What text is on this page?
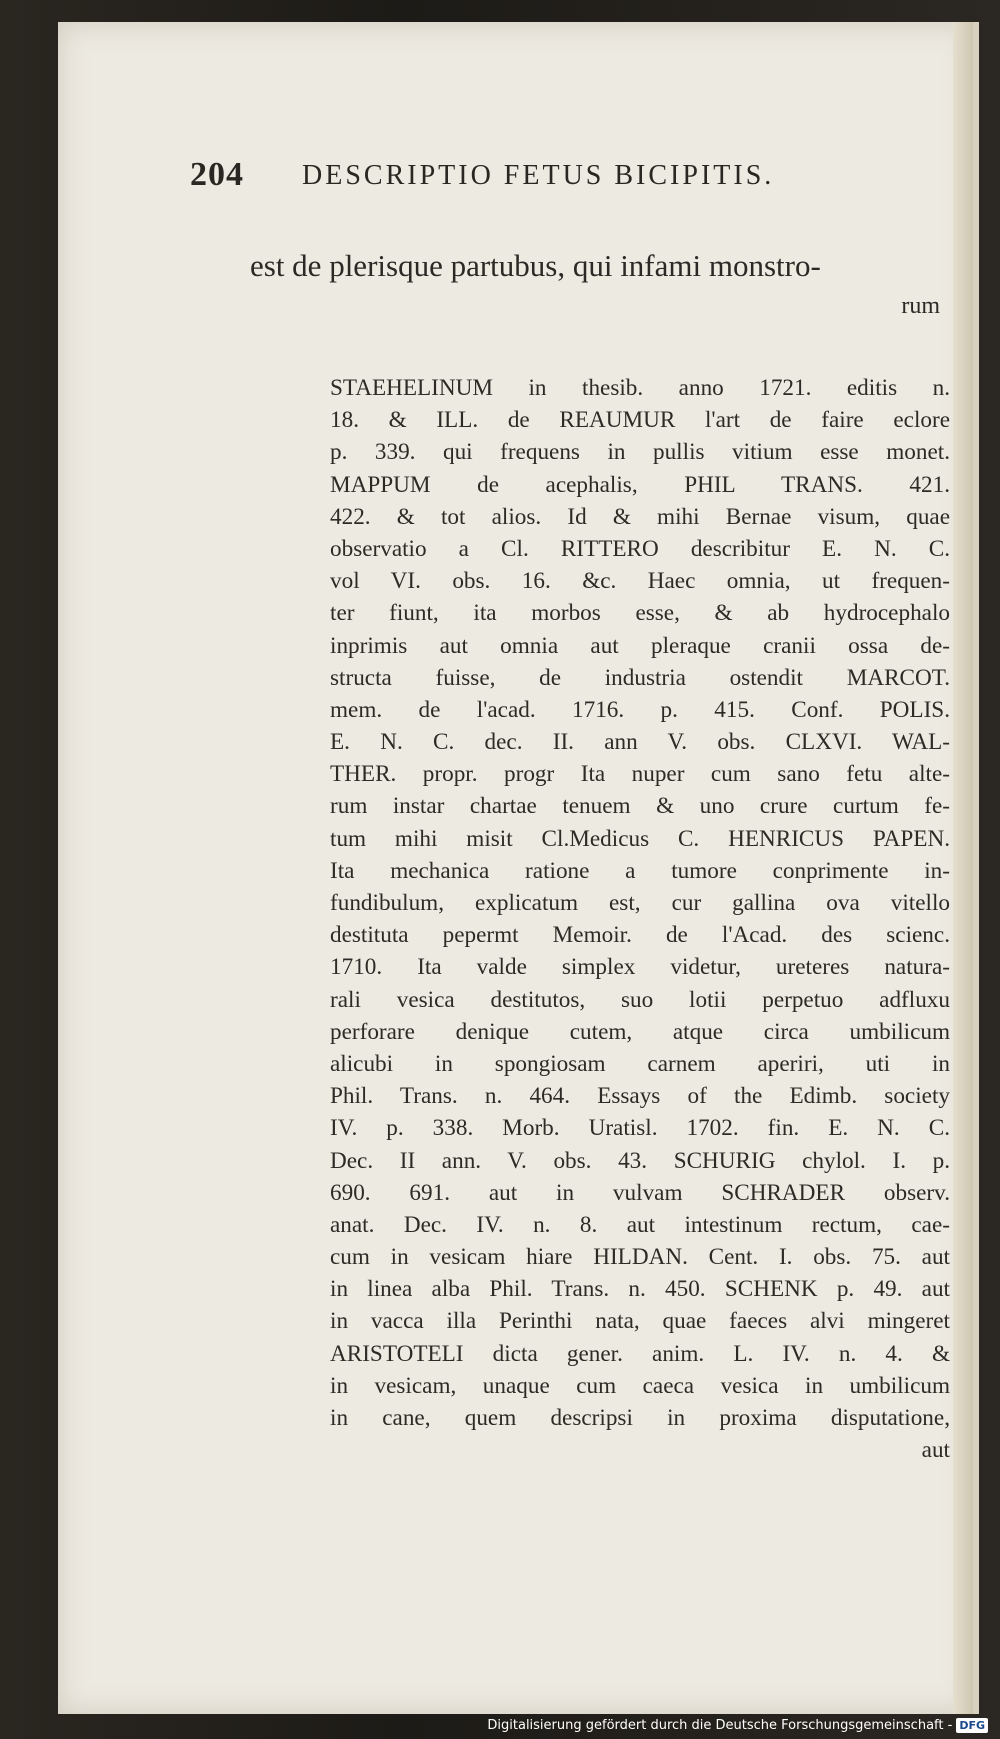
204 DESCRIPTIO FETUS BICIPITIS.
est de plerisque partubus, qui infami monstro-
rum
STAEHELINUM in thesib. anno 1721. editis n.
18. & ILL. de REAUMUR l'art de faire eclore
p. 339. qui frequens in pullis vitium esse monet.
MAPPUM de acephalis, PHIL TRANS. 421.
422. & tot alios. Id & mihi Bernae visum, quae
observatio a Cl. RITTERO describitur E. N. C.
vol VI. obs. 16. &c. Haec omnia, ut frequen-
ter fiunt, ita morbos esse, & ab hydrocephalo
inprimis aut omnia aut pleraque cranii ossa de-
structa fuisse, de industria ostendit MARCOT.
mem. de l'acad. 1716. p. 415. Conf. POLIS.
E. N. C. dec. II. ann V. obs. CLXVI. WAL-
THER. propr. progr Ita nuper cum sano fetu alte-
rum instar chartae tenuem & uno crure curtum fe-
tum mihi misit Cl.Medicus C. HENRICUS PAPEN.
Ita mechanica ratione a tumore conprimente in-
fundibulum, explicatum est, cur gallina ova vitello
destituta pepermt Memoir. de l'Acad. des scienc.
1710. Ita valde simplex videtur, ureteres natura-
rali vesica destitutos, suo lotii perpetuo adfluxu
perforare denique cutem, atque circa umbilicum
alicubi in spongiosam carnem aperiri, uti in
Phil. Trans. n. 464. Essays of the Edimb. society
IV. p. 338. Morb. Uratisl. 1702. fin. E. N. C.
Dec. II ann. V. obs. 43. SCHURIG chylol. I. p.
690. 691. aut in vulvam SCHRADER observ.
anat. Dec. IV. n. 8. aut intestinum rectum, cae-
cum in vesicam hiare HILDAN. Cent. I. obs. 75. aut
in linea alba Phil. Trans. n. 450. SCHENK p. 49. aut
in vacca illa Perinthi nata, quae faeces alvi mingeret
ARISTOTELI dicta gener. anim. L. IV. n. 4. &
in vesicam, unaque cum caeca vesica in umbilicum
in cane, quem descripsi in proxima disputatione,
aut
Digitalisierung gefördert durch die Deutsche Forschungsgemeinschaft - DFG
